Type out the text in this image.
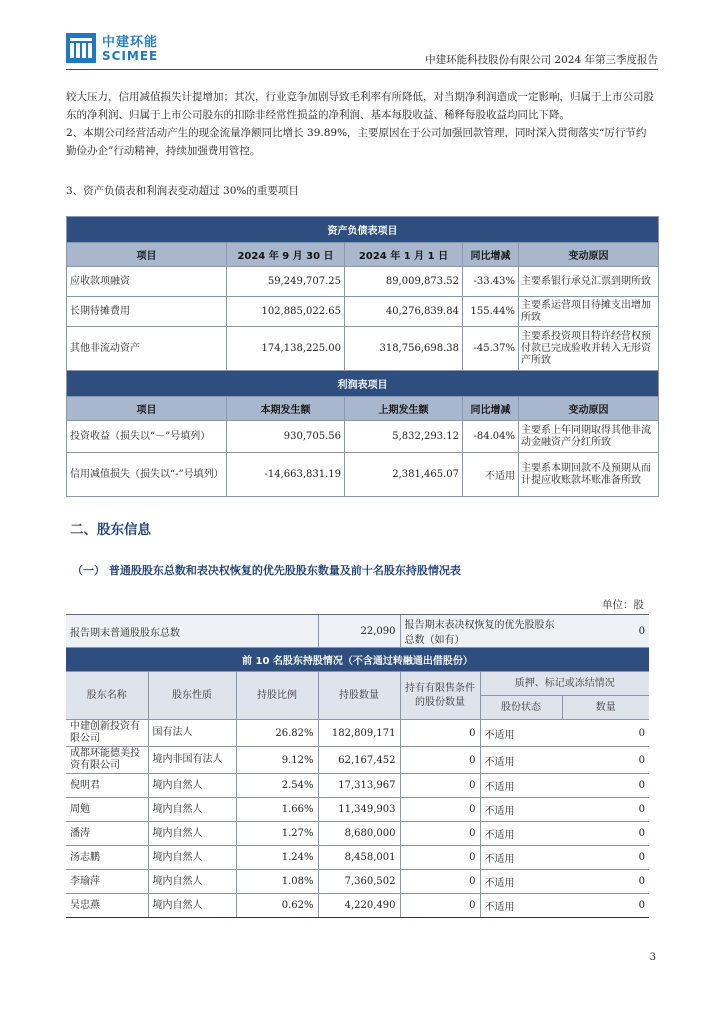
中建环能
SCIMEE	中建环能科技股份有限公司 2024 年第三季度报告
较大压力，信用减值损失计提增加；其次，行业竞争加剧导致毛利率有所降低，对当期净利润造成一定影响，归属于上市公司股东的净利润、归属于上市公司股东的扣除非经常性损益的净利润、基本每股收益、稀释每股收益均同比下降。
2、本期公司经营活动产生的现金流量净额同比增长 39.89%，主要原因在于公司加强回款管理，同时深入贯彻落实“厉行节约 勤俭办企”行动精神，持续加强费用管控。
3、资产负债表和利润表变动超过 30%的重要项目
资产负债表项目				
项目	2024 年 9 月 30 日	2024 年 1 月 1 日	同比增减	变动原因
应收款项融资	59,249,707.25	89,009,873.52	-33.43%	主要系银行承兑汇票到期所致
长期待摊费用	102,885,022.65	40,276,839.84	155.44%	主要系运营项目待摊支出增加所致
其他非流动资产	174,138,225.00	318,756,698.38	-45.37%	主要系投资项目特许经营权预付款已完成验收并转入无形资产所致
利润表项目				
项目	本期发生额	上期发生额	同比增减	变动原因
投资收益（损失以“－”号填列）	930,705.56	5,832,293.12	-84.04%	主要系上年同期取得其他非流动金融资产分红所致
信用减值损失（损失以“-”号填列）	-14,663,831.19	2,381,465.07	不适用	主要系本期回款不及预期从而计提应收账款坏账准备所致
二、股东信息
（一） 普通股股东总数和表决权恢复的优先股股东数量及前十名股东持股情况表
单位：股
报告期末普通股股东总数			22,090	报告期末表决权恢复的优先股股东总数（如有）		0
前 10 名股东持股情况（不含通过转融通出借股份）						
股东名称	股东性质	持股比例	持股数量	持有有限售条件的股份数量	质押、标记或冻结情况	
					股份状态	数量
中建创新投资有限公司	国有法人	26.82%	182,809,171	0	不适用	0
成都环能德美投资有限公司	境内非国有法人	9.12%	62,167,452	0	不适用	0
倪明君	境内自然人	2.54%	17,313,967	0	不适用	0
周勉	境内自然人	1.66%	11,349,903	0	不适用	0
潘涛	境内自然人	1.27%	8,680,000	0	不适用	0
汤志鹏	境内自然人	1.24%	8,458,001	0	不适用	0
李瑜萍	境内自然人	1.08%	7,360,502	0	不适用	0
吴忠燕	境内自然人	0.62%	4,220,490	0	不适用	0
3
